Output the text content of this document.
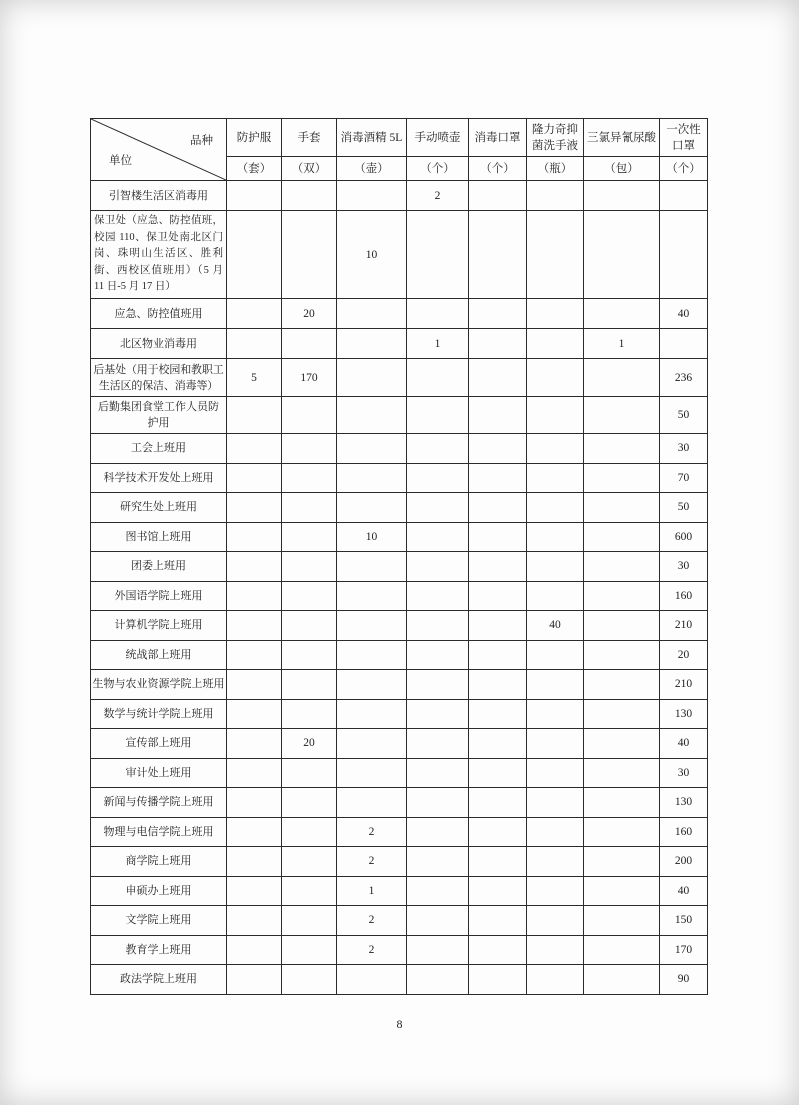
品种
单位	防护服	手套	消毒酒精 5L	手动喷壶	消毒口罩	隆力奇抑菌洗手液	三氯异氰尿酸	一次性口罩
	（套）	（双）	（壶）	（个）	（个）	（瓶）	（包）	（个）
引智楼生活区消毒用				2				
保卫处（应急、防控值班，校园 110、保卫处南北区门岗、珠明山生活区、胜利街、西校区值班用）（5 月 11 日-5 月 17 日）			10					
应急、防控值班用		20						40
北区物业消毒用				1			1	
后基处（用于校园和教职工生活区的保洁、消毒等）	5	170						236
后勤集团食堂工作人员防护用								50
工会上班用								30
科学技术开发处上班用								70
研究生处上班用								50
图书馆上班用			10					600
团委上班用								30
外国语学院上班用								160
计算机学院上班用						40		210
统战部上班用								20
生物与农业资源学院上班用								210
数学与统计学院上班用								130
宣传部上班用		20						40
审计处上班用								30
新闻与传播学院上班用								130
物理与电信学院上班用			2					160
商学院上班用			2					200
申硕办上班用			1					40
文学院上班用			2					150
教育学上班用			2					170
政法学院上班用								90
8
